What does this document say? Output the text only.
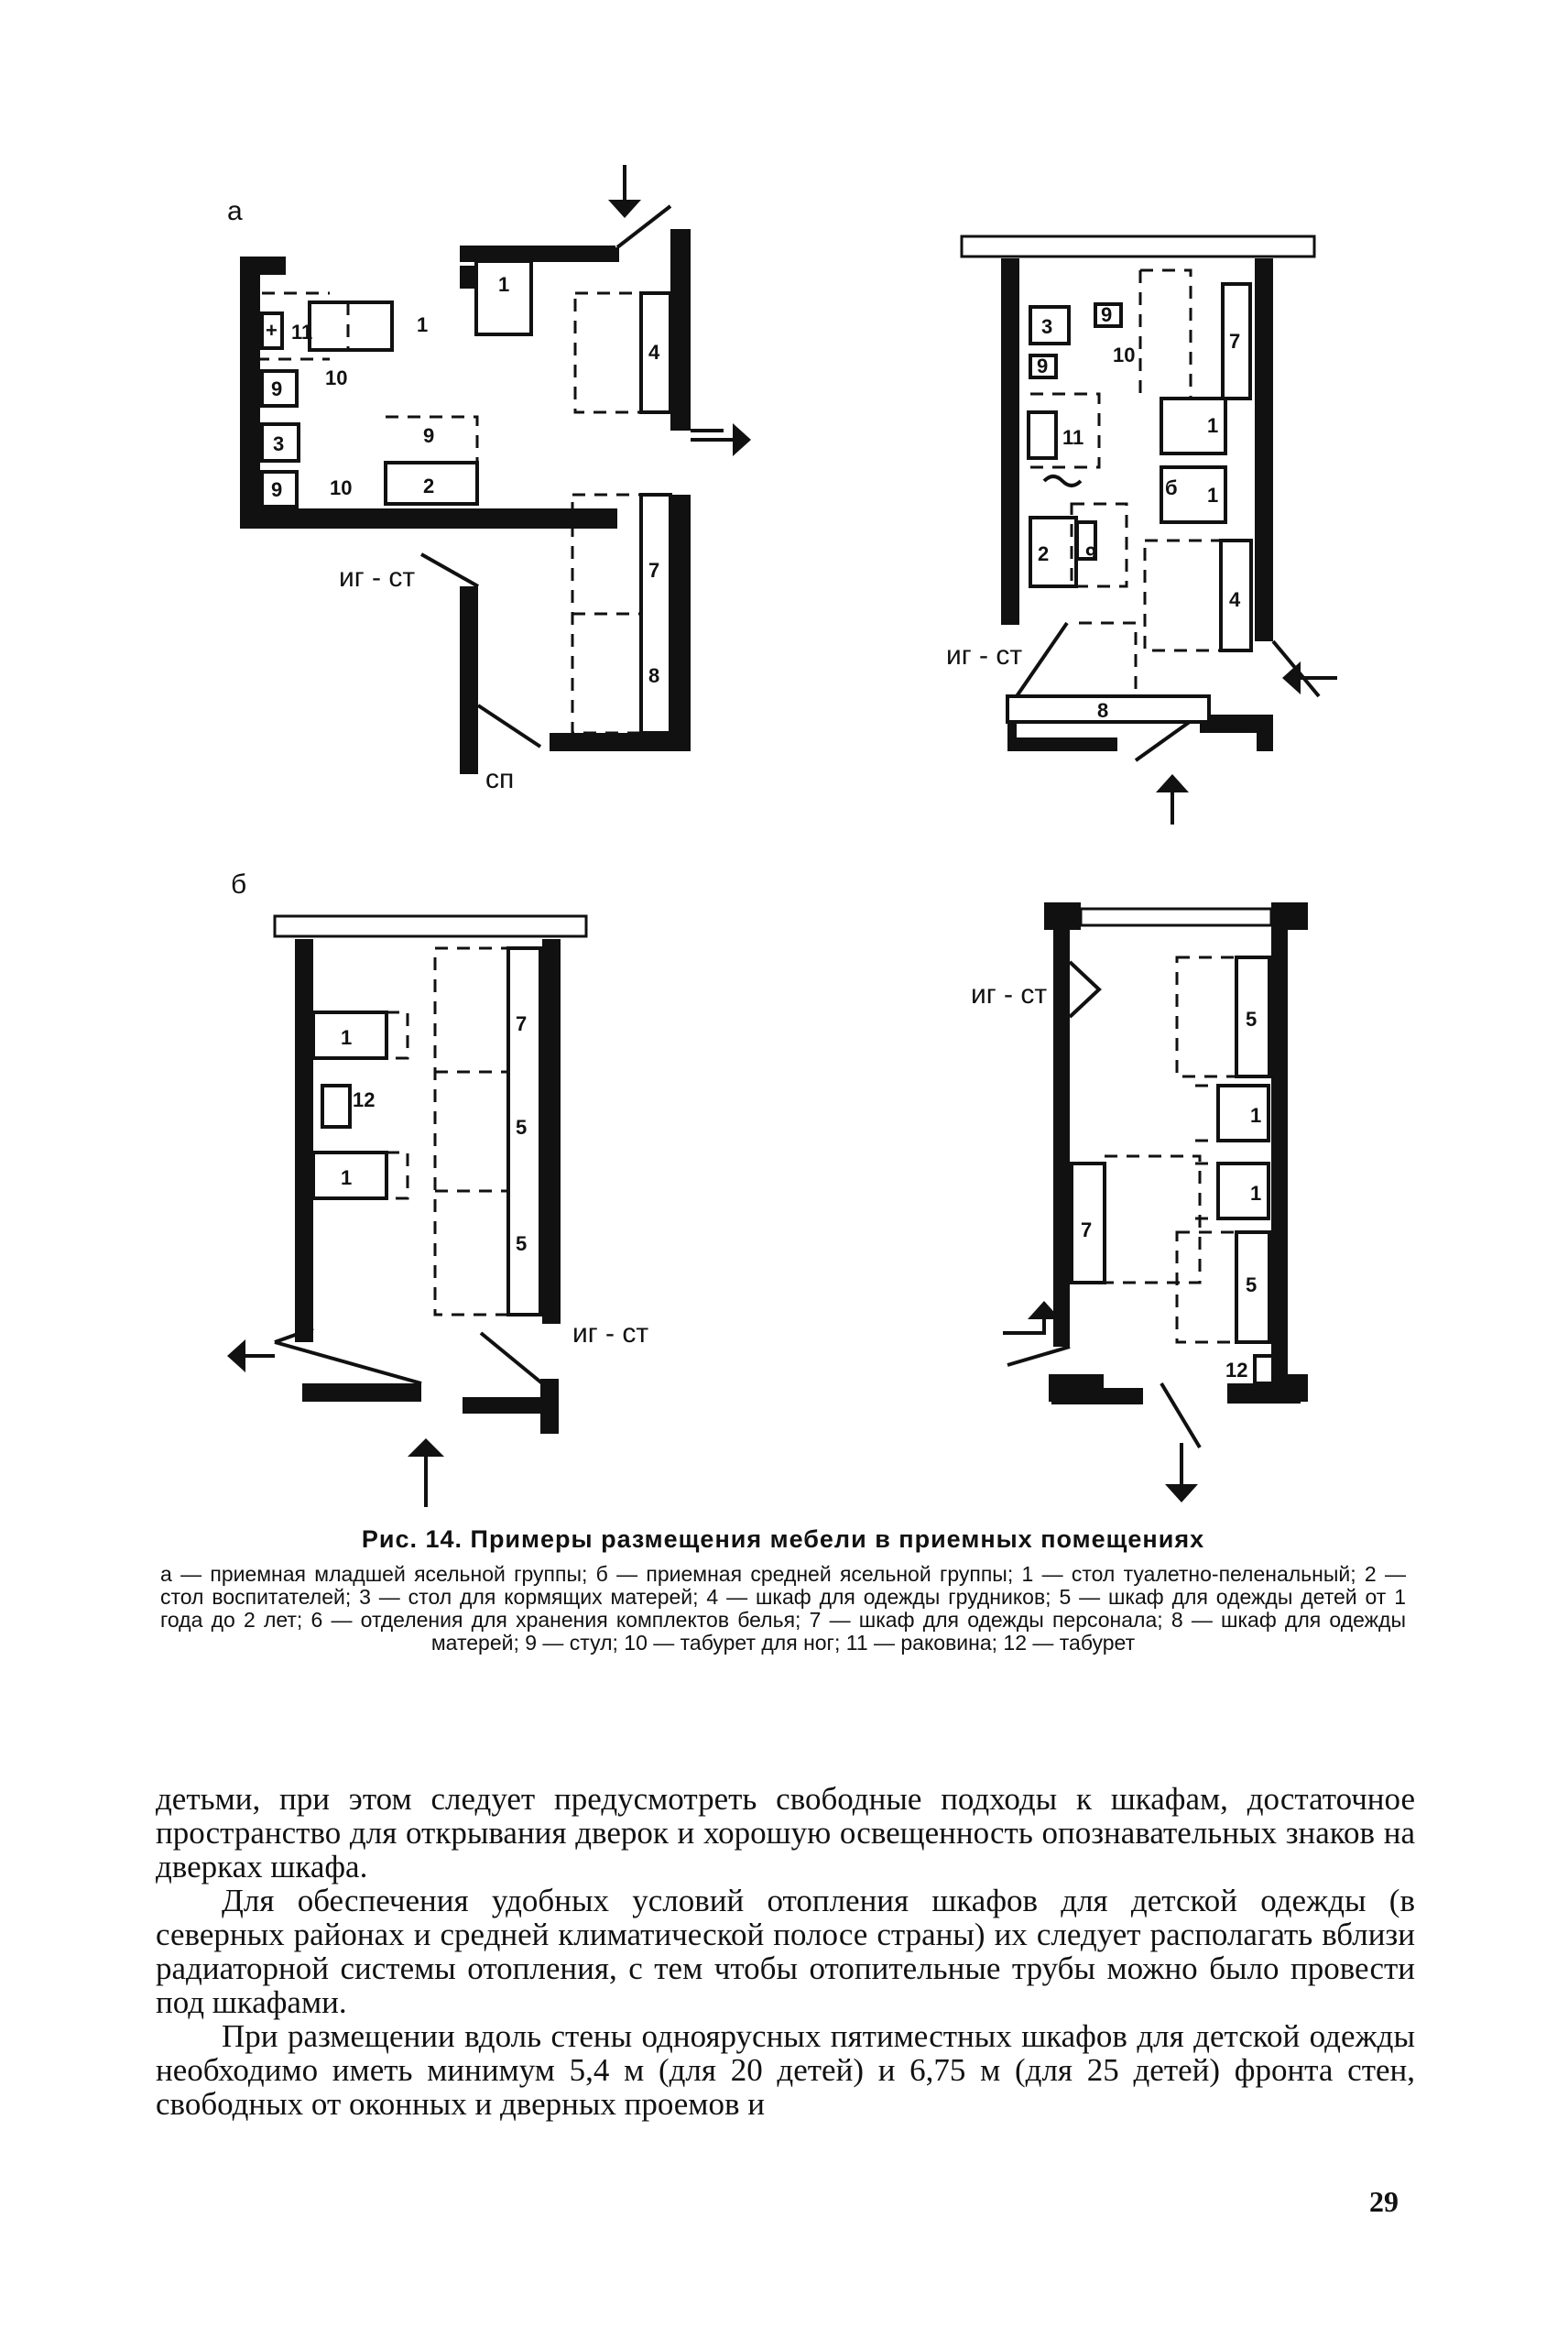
а
б
+ 11
9 10
9
3
10
9
2
1
1
4
7
8
иг - ст
сп
3
9
10
9
11
2 9
1
1
б
7
4
8
иг - ст
1
12
1
7
5
5
иг - ст
5
1
1
7
5
12
иг - ст
Рис. 14. Примеры размещения мебели в приемных помещениях
а — приемная младшей ясельной группы; б — приемная средней ясельной группы; 1 — стол туалетно-пеленальный; 2 — стол воспитателей; 3 — стол для кормящих матерей; 4 — шкаф для одежды грудников; 5 — шкаф для одежды детей от 1 года до 2 лет; 6 — отделения для хранения комплектов белья; 7 — шкаф для одежды персонала; 8 — шкаф для одежды матерей; 9 — стул; 10 — табурет для ног; 11 — раковина; 12 — табурет

детьми, при этом следует предусмотреть свободные подходы к шкафам, достаточное пространство для открывания дверок и хорошую освещенность опознавательных знаков на дверках шкафа.

Для обеспечения удобных условий отопления шкафов для детской одежды (в северных районах и средней климатической полосе страны) их следует располагать вблизи радиаторной системы отопления, с тем чтобы отопительные трубы можно было провести под шкафами.

При размещении вдоль стены одноярусных пятиместных шкафов для детской одежды необходимо иметь минимум 5,4 м (для 20 детей) и 6,75 м (для 25 детей) фронта стен, свободных от оконных и дверных проемов и

29
